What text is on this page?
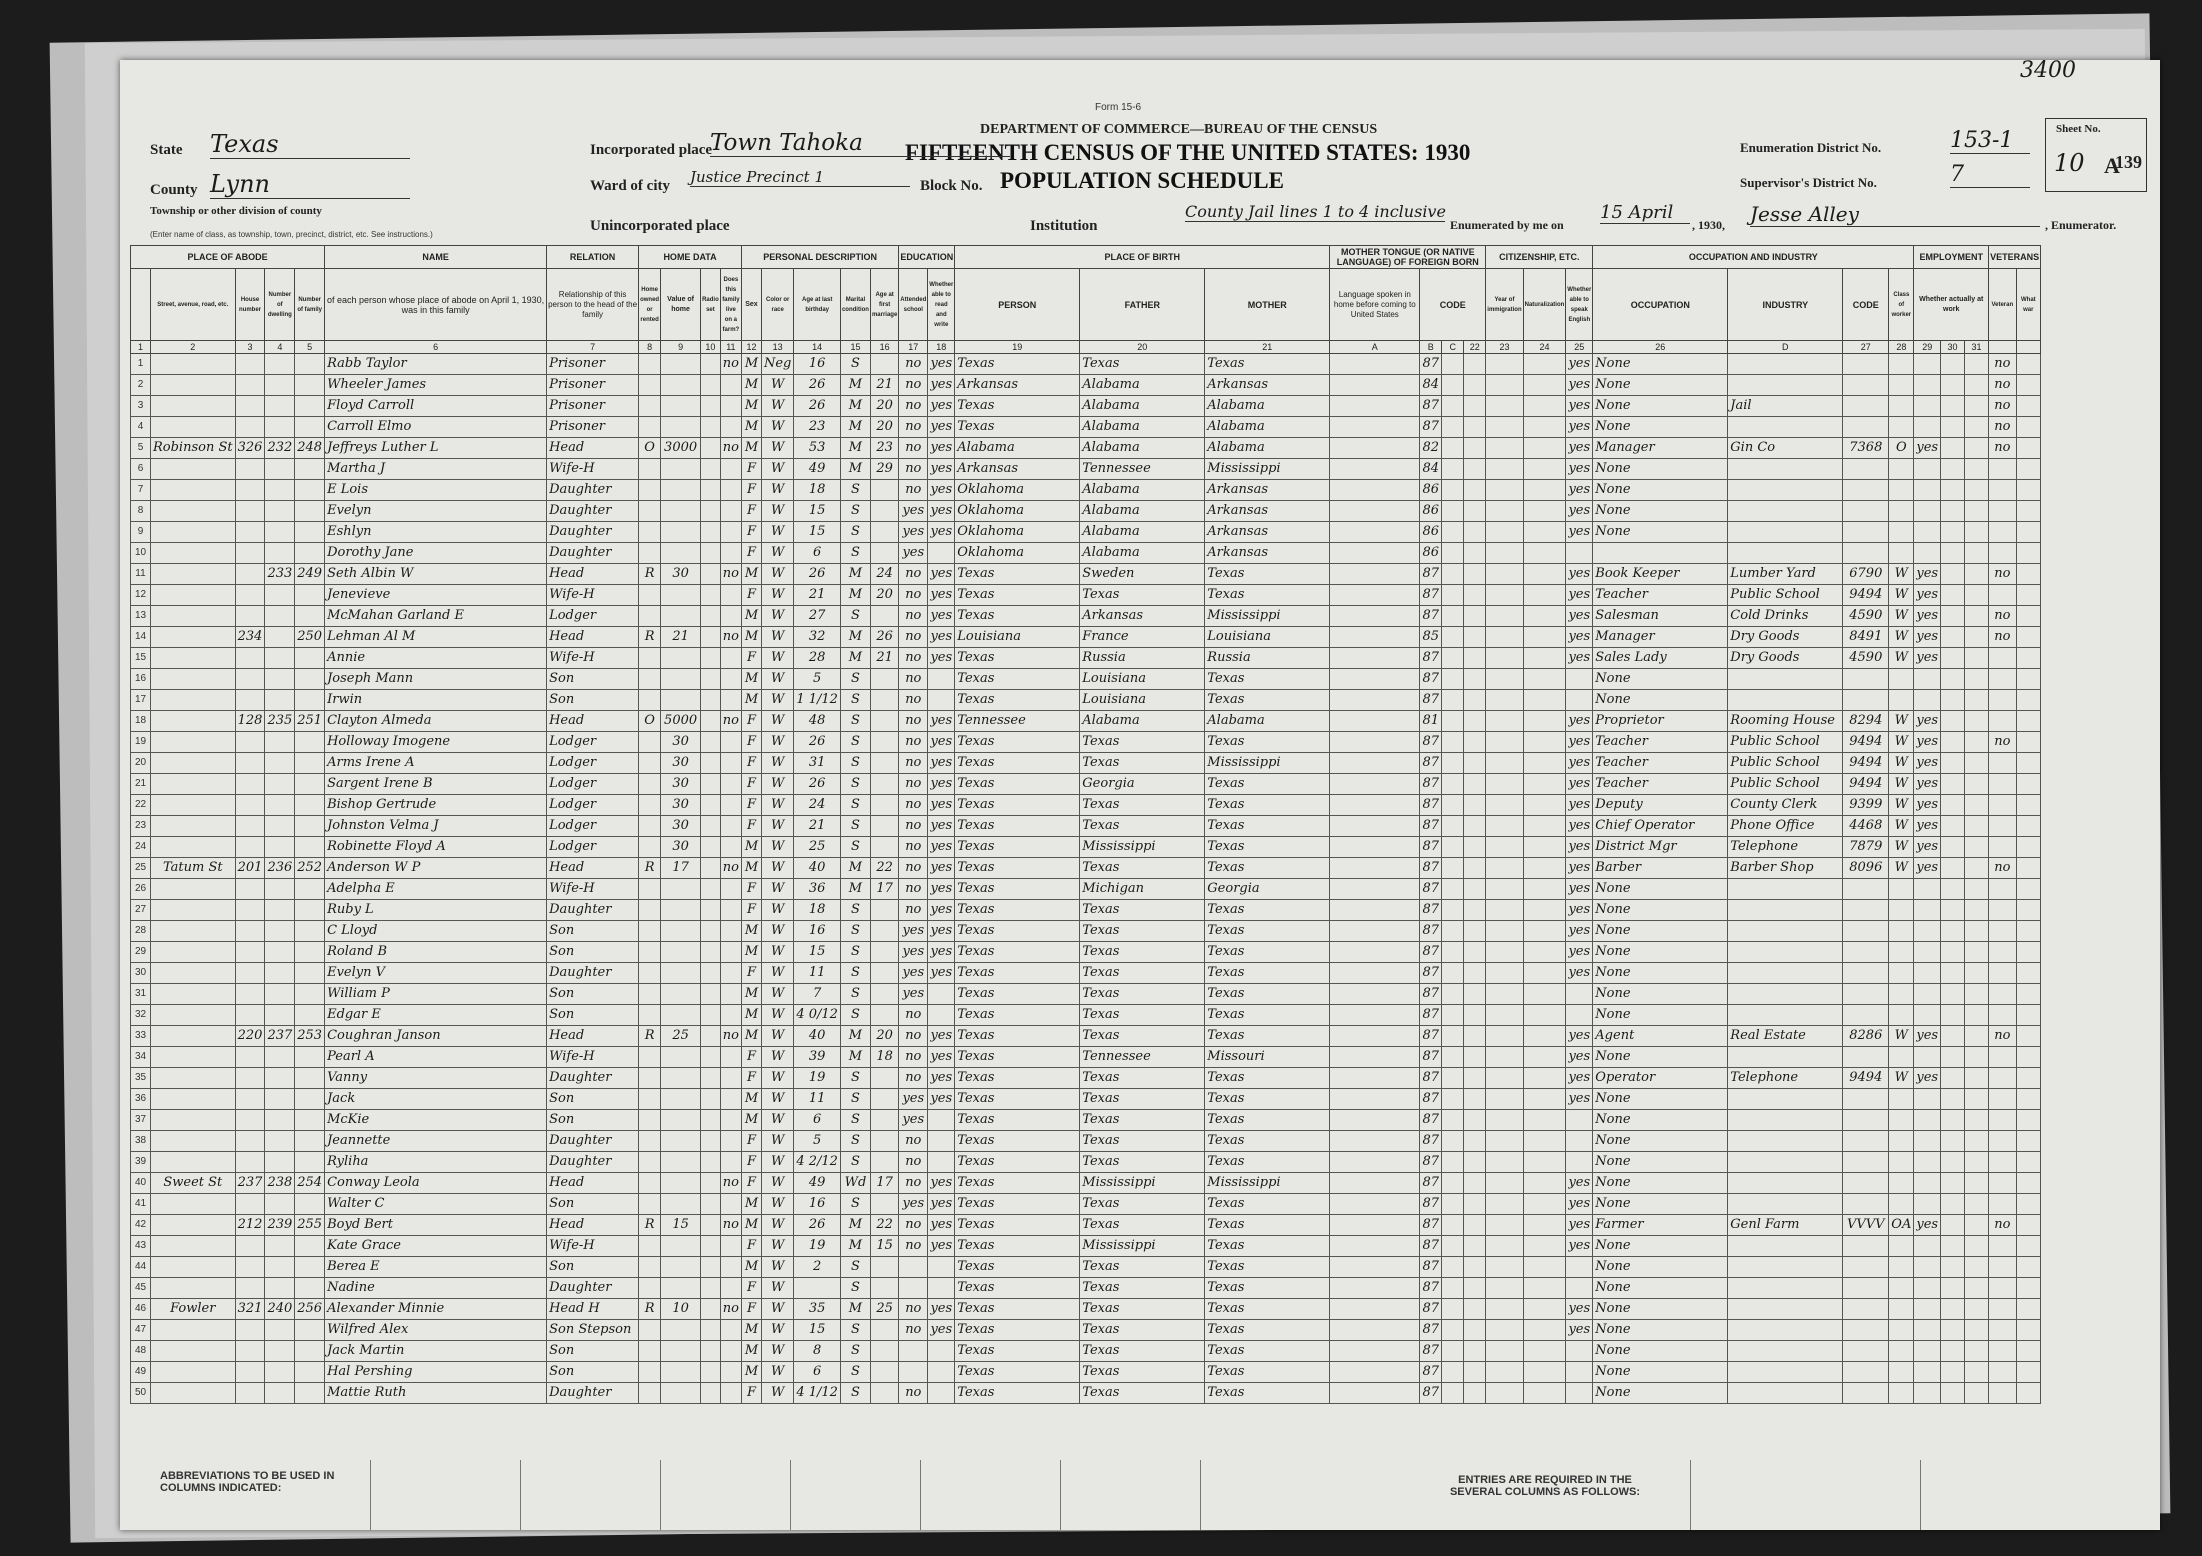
3400
139
Form 15-6
DEPARTMENT OF COMMERCE—BUREAU OF THE CENSUS
FIFTEENTH CENSUS OF THE UNITED STATES: 1930
POPULATION SCHEDULE
State Texas
County Lynn
Township or other division of county
(Enter name of class, as township, town, precinct, district, etc. See instructions.)
Incorporated place
Town Tahoka
Ward of city Justice Precinct 1	Block No.
Unincorporated place	Institution
County Jail lines 1 to 4 inclusive
Enumerated by me on
15 April
, 1930, Jesse Alley	, Enumerator.
Enumeration District No.	153-1
Supervisor's District No.	7
Sheet No.
10 A
PLACE OF ABODE					NAME	RELATION	HOME DATA				PERSONAL DESCRIPTION					EDUCATION		PLACE OF BIRTH			MOTHER TONGUE (OR NATIVE LANGUAGE) OF FOREIGN BORN				CITIZENSHIP, ETC.			OCCUPATION AND INDUSTRY				EMPLOYMENT			VETERANS	
	Street, avenue, road, etc.	House number	Number of dwelling	Number of family	of each person whose place of abode on April 1, 1930, was in this family	Relationship of this person to the head of the family	Home owned or rented	Value of home	Radio set	Does this family live on a farm?	Sex	Color or race	Age at last birthday	Marital condition	Age at first marriage	Attended school	Whether able to read and write	PERSON	FATHER	MOTHER	Language spoken in home before coming to United States	CODE			Year of immigration	Naturalization	Whether able to speak English	OCCUPATION	INDUSTRY	CODE	Class of worker	Whether actually at work			Veteran	What war
1	2	3	4	5	6	7	8	9	10	11	12	13	14	15	16	17	18	19	20	21	A	B	C	22	23	24	25	26	D	27	28	29	30	31		
1					Rabb Taylor	Prisoner				no	M	Neg	16	S		no	yes	Texas	Texas	Texas		87					yes	None							no	
2					Wheeler James	Prisoner					M	W	26	M	21	no	yes	Arkansas	Alabama	Arkansas		84					yes	None							no	
3					Floyd Carroll	Prisoner					M	W	26	M	20	no	yes	Texas	Alabama	Alabama		87					yes	None	Jail						no	
4					Carroll Elmo	Prisoner					M	W	23	M	20	no	yes	Texas	Alabama	Alabama		87					yes	None							no	
5	Robinson St	326	232	248	Jeffreys Luther L	Head	O	3000		no	M	W	53	M	23	no	yes	Alabama	Alabama	Alabama		82					yes	Manager	Gin Co	7368	O	yes			no	
6					Martha J	Wife-H					F	W	49	M	29	no	yes	Arkansas	Tennessee	Mississippi		84					yes	None								
7					E Lois	Daughter					F	W	18	S		no	yes	Oklahoma	Alabama	Arkansas		86					yes	None								
8					Evelyn	Daughter					F	W	15	S		yes	yes	Oklahoma	Alabama	Arkansas		86					yes	None								
9					Eshlyn	Daughter					F	W	15	S		yes	yes	Oklahoma	Alabama	Arkansas		86					yes	None								
10					Dorothy Jane	Daughter					F	W	6	S		yes		Oklahoma	Alabama	Arkansas		86														
11			233	249	Seth Albin W	Head	R	30		no	M	W	26	M	24	no	yes	Texas	Sweden	Texas		87					yes	Book Keeper	Lumber Yard	6790	W	yes			no	
12					Jenevieve	Wife-H					F	W	21	M	20	no	yes	Texas	Texas	Texas		87					yes	Teacher	Public School	9494	W	yes				
13					McMahan Garland E	Lodger					M	W	27	S		no	yes	Texas	Arkansas	Mississippi		87					yes	Salesman	Cold Drinks	4590	W	yes			no	
14		234		250	Lehman Al M	Head	R	21		no	M	W	32	M	26	no	yes	Louisiana	France	Louisiana		85					yes	Manager	Dry Goods	8491	W	yes			no	
15					Annie	Wife-H					F	W	28	M	21	no	yes	Texas	Russia	Russia		87					yes	Sales Lady	Dry Goods	4590	W	yes				
16					Joseph Mann	Son					M	W	5	S		no		Texas	Louisiana	Texas		87						None								
17					Irwin	Son					M	W	1 1/12	S		no		Texas	Louisiana	Texas		87						None								
18		128	235	251	Clayton Almeda	Head	O	5000		no	F	W	48	S		no	yes	Tennessee	Alabama	Alabama		81					yes	Proprietor	Rooming House	8294	W	yes				
19					Holloway Imogene	Lodger		30			F	W	26	S		no	yes	Texas	Texas	Texas		87					yes	Teacher	Public School	9494	W	yes			no	
20					Arms Irene A	Lodger		30			F	W	31	S		no	yes	Texas	Texas	Mississippi		87					yes	Teacher	Public School	9494	W	yes				
21					Sargent Irene B	Lodger		30			F	W	26	S		no	yes	Texas	Georgia	Texas		87					yes	Teacher	Public School	9494	W	yes				
22					Bishop Gertrude	Lodger		30			F	W	24	S		no	yes	Texas	Texas	Texas		87					yes	Deputy	County Clerk	9399	W	yes				
23					Johnston Velma J	Lodger		30			F	W	21	S		no	yes	Texas	Texas	Texas		87					yes	Chief Operator	Phone Office	4468	W	yes				
24					Robinette Floyd A	Lodger		30			M	W	25	S		no	yes	Texas	Mississippi	Texas		87					yes	District Mgr	Telephone	7879	W	yes				
25	Tatum St	201	236	252	Anderson W P	Head	R	17		no	M	W	40	M	22	no	yes	Texas	Texas	Texas		87					yes	Barber	Barber Shop	8096	W	yes			no	
26					Adelpha E	Wife-H					F	W	36	M	17	no	yes	Texas	Michigan	Georgia		87					yes	None								
27					Ruby L	Daughter					F	W	18	S		no	yes	Texas	Texas	Texas		87					yes	None								
28					C Lloyd	Son					M	W	16	S		yes	yes	Texas	Texas	Texas		87					yes	None								
29					Roland B	Son					M	W	15	S		yes	yes	Texas	Texas	Texas		87					yes	None								
30					Evelyn V	Daughter					F	W	11	S		yes	yes	Texas	Texas	Texas		87					yes	None								
31					William P	Son					M	W	7	S		yes		Texas	Texas	Texas		87						None								
32					Edgar E	Son					M	W	4 0/12	S		no		Texas	Texas	Texas		87						None								
33		220	237	253	Coughran Janson	Head	R	25		no	M	W	40	M	20	no	yes	Texas	Texas	Texas		87					yes	Agent	Real Estate	8286	W	yes			no	
34					Pearl A	Wife-H					F	W	39	M	18	no	yes	Texas	Tennessee	Missouri		87					yes	None								
35					Vanny	Daughter					F	W	19	S		no	yes	Texas	Texas	Texas		87					yes	Operator	Telephone	9494	W	yes				
36					Jack	Son					M	W	11	S		yes	yes	Texas	Texas	Texas		87					yes	None								
37					McKie	Son					M	W	6	S		yes		Texas	Texas	Texas		87						None								
38					Jeannette	Daughter					F	W	5	S		no		Texas	Texas	Texas		87						None								
39					Ryliha	Daughter					F	W	4 2/12	S		no		Texas	Texas	Texas		87						None								
40	Sweet St	237	238	254	Conway Leola	Head				no	F	W	49	Wd	17	no	yes	Texas	Mississippi	Mississippi		87					yes	None								
41					Walter C	Son					M	W	16	S		yes	yes	Texas	Texas	Texas		87					yes	None								
42		212	239	255	Boyd Bert	Head	R	15		no	M	W	26	M	22	no	yes	Texas	Texas	Texas		87					yes	Farmer	Genl Farm	VVVV	OA	yes			no	
43					Kate Grace	Wife-H					F	W	19	M	15	no	yes	Texas	Mississippi	Texas		87					yes	None								
44					Berea E	Son					M	W	2	S				Texas	Texas	Texas		87						None								
45					Nadine	Daughter					F	W		S				Texas	Texas	Texas		87						None								
46	Fowler	321	240	256	Alexander Minnie	Head H	R	10		no	F	W	35	M	25	no	yes	Texas	Texas	Texas		87					yes	None								
47					Wilfred Alex	Son Stepson					M	W	15	S		no	yes	Texas	Texas	Texas		87					yes	None								
48					Jack Martin	Son					M	W	8	S				Texas	Texas	Texas		87						None								
49					Hal Pershing	Son					M	W	6	S				Texas	Texas	Texas		87						None								
50					Mattie Ruth	Daughter					F	W	4 1/12	S		no		Texas	Texas	Texas		87						None								
ABBREVIATIONS TO BE USED IN COLUMNS INDICATED:
ENTRIES ARE REQUIRED IN THE SEVERAL COLUMNS AS FOLLOWS:
